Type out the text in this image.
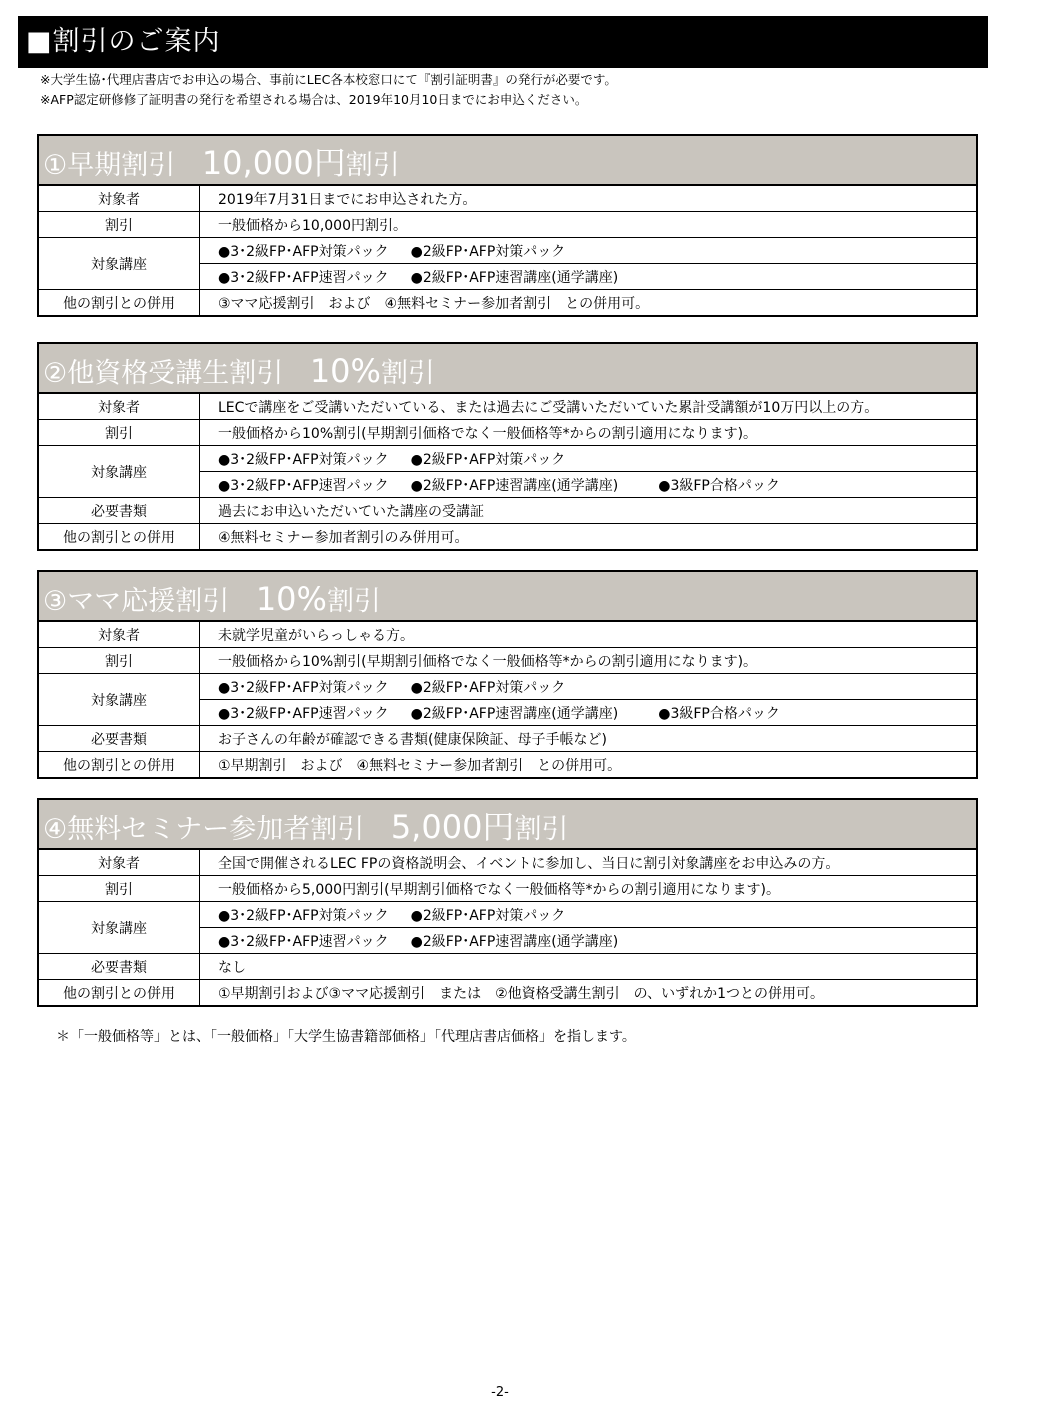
■割引のご案内
※大学生協･代理店書店でお申込の場合、事前にLEC各本校窓口にて『割引証明書』の発行が必要です。
※AFP認定研修修了証明書の発行を希望される場合は、2019年10月10日までにお申込ください。
①早期割引 10,000円割引
対象者	2019年7月31日までにお申込された方。
割引	一般価格から10,000円割引。
対象講座	●3･2級FP･AFP対策パック ●2級FP･AFP対策パック
	●3･2級FP･AFP速習パック ●2級FP･AFP速習講座(通学講座)
他の割引との併用	③ママ応援割引　および　④無料セミナー参加者割引　との併用可。
②他資格受講生割引 10%割引
対象者	LECで講座をご受講いただいている、または過去にご受講いただいていた累計受講額が10万円以上の方。
割引	一般価格から10%割引(早期割引価格でなく一般価格等*からの割引適用になります)。
対象講座	●3･2級FP･AFP対策パック ●2級FP･AFP対策パック
	●3･2級FP･AFP速習パック ●2級FP･AFP速習講座(通学講座) ●3級FP合格パック
必要書類	過去にお申込いただいていた講座の受講証
他の割引との併用	④無料セミナー参加者割引のみ併用可。
③ママ応援割引 10%割引
対象者	未就学児童がいらっしゃる方。
割引	一般価格から10%割引(早期割引価格でなく一般価格等*からの割引適用になります)。
対象講座	●3･2級FP･AFP対策パック ●2級FP･AFP対策パック
	●3･2級FP･AFP速習パック ●2級FP･AFP速習講座(通学講座) ●3級FP合格パック
必要書類	お子さんの年齢が確認できる書類(健康保険証、母子手帳など)
他の割引との併用	①早期割引　および　④無料セミナー参加者割引　との併用可。
④無料セミナー参加者割引 5,000円割引
対象者	全国で開催されるLEC FPの資格説明会、イベントに参加し、当日に割引対象講座をお申込みの方。
割引	一般価格から5,000円割引(早期割引価格でなく一般価格等*からの割引適用になります)。
対象講座	●3･2級FP･AFP対策パック ●2級FP･AFP対策パック
	●3･2級FP･AFP速習パック ●2級FP･AFP速習講座(通学講座)
必要書類	なし
他の割引との併用	①早期割引および③ママ応援割引　または　②他資格受講生割引　の、いずれか1つとの併用可。
＊「一般価格等」とは、「一般価格」「大学生協書籍部価格」「代理店書店価格」を指します。
-2-
